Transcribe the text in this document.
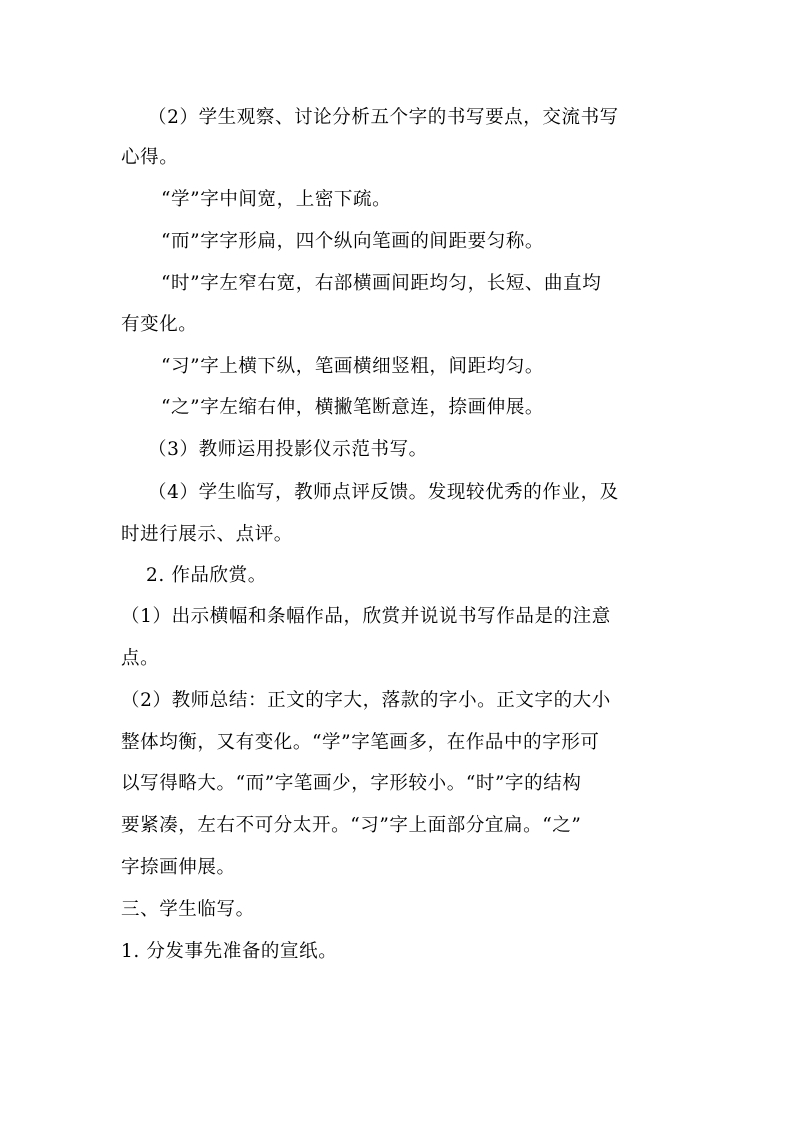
（2）学生观察、讨论分析五个字的书写要点，交流书写
心得。
“学”字中间宽，上密下疏。
“而”字字形扁，四个纵向笔画的间距要匀称。
“时”字左窄右宽，右部横画间距均匀，长短、曲直均
有变化。
“习”字上横下纵，笔画横细竖粗，间距均匀。
“之”字左缩右伸，横撇笔断意连，捺画伸展。
（3）教师运用投影仪示范书写。
（4）学生临写，教师点评反馈。发现较优秀的作业，及
时进行展示、点评。
2. 作品欣赏。
（1）出示横幅和条幅作品，欣赏并说说书写作品是的注意
点。
（2）教师总结：正文的字大，落款的字小。正文字的大小
整体均衡，又有变化。“学”字笔画多，在作品中的字形可
以写得略大。“而”字笔画少，字形较小。“时”字的结构
要紧凑，左右不可分太开。“习”字上面部分宜扁。“之”
字捺画伸展。
三、学生临写。
1. 分发事先准备的宣纸。
